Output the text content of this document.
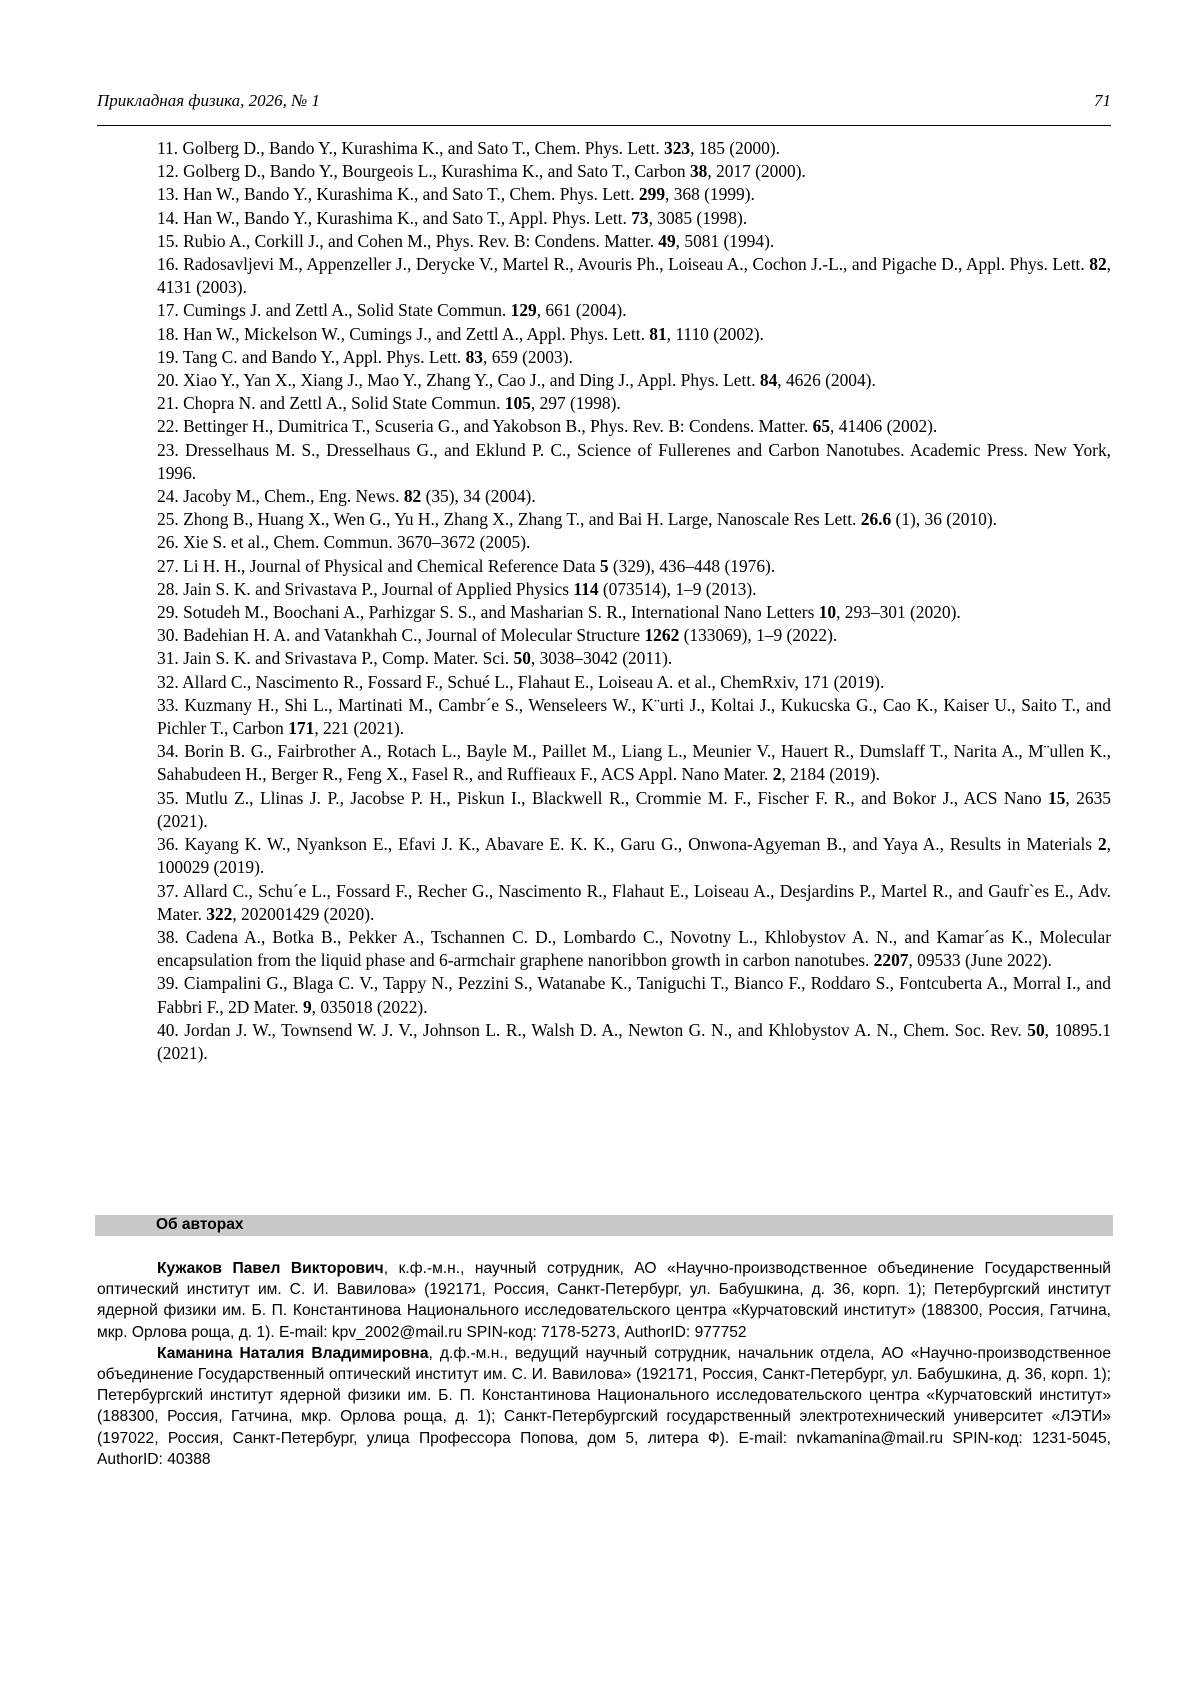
Прикладная физика, 2026, № 1	71

11. Golberg D., Bando Y., Kurashima K., and Sato T., Chem. Phys. Lett. 323, 185 (2000).

12. Golberg D., Bando Y., Bourgeois L., Kurashima K., and Sato T., Carbon 38, 2017 (2000).

13. Han W., Bando Y., Kurashima K., and Sato T., Chem. Phys. Lett. 299, 368 (1999).

14. Han W., Bando Y., Kurashima K., and Sato T., Appl. Phys. Lett. 73, 3085 (1998).

15. Rubio A., Corkill J., and Cohen M., Phys. Rev. B: Condens. Matter. 49, 5081 (1994).

16. Radosavljevi M., Appenzeller J., Derycke V., Martel R., Avouris Ph., Loiseau A., Cochon J.-L., and Pigache D., Appl. Phys. Lett. 82, 4131 (2003).

17. Cumings J. and Zettl A., Solid State Commun. 129, 661 (2004).

18. Han W., Mickelson W., Cumings J., and Zettl A., Appl. Phys. Lett. 81, 1110 (2002).

19. Tang C. and Bando Y., Appl. Phys. Lett. 83, 659 (2003).

20. Xiao Y., Yan X., Xiang J., Mao Y., Zhang Y., Cao J., and Ding J., Appl. Phys. Lett. 84, 4626 (2004).

21. Chopra N. and Zettl A., Solid State Commun. 105, 297 (1998).

22. Bettinger H., Dumitrica T., Scuseria G., and Yakobson B., Phys. Rev. B: Condens. Matter. 65, 41406 (2002).

23. Dresselhaus M. S., Dresselhaus G., and Eklund P. C., Science of Fullerenes and Carbon Nanotubes. Academic Press. New York, 1996.

24. Jacoby M., Chem., Eng. News. 82 (35), 34 (2004).

25. Zhong B., Huang X., Wen G., Yu H., Zhang X., Zhang T., and Bai H. Large, Nanoscale Res Lett. 26.6 (1), 36 (2010).

26. Xie S. et al., Chem. Commun. 3670–3672 (2005).

27. Li H. H., Journal of Physical and Chemical Reference Data 5 (329), 436–448 (1976).

28. Jain S. K. and Srivastava P., Journal of Applied Physics 114 (073514), 1–9 (2013).

29. Sotudeh M., Boochani A., Parhizgar S. S., and Masharian S. R., International Nano Letters 10, 293–301 (2020).

30. Badehian H. A. and Vatankhah C., Journal of Molecular Structure 1262 (133069), 1–9 (2022).

31. Jain S. K. and Srivastava P., Comp. Mater. Sci. 50, 3038–3042 (2011).

32. Allard C., Nascimento R., Fossard F., Schué L., Flahaut E., Loiseau A. et al., ChemRxiv, 171 (2019).

33. Kuzmany H., Shi L., Martinati M., Cambr´e S., Wenseleers W., K¨urti J., Koltai J., Kukucska G., Cao K., Kaiser U., Saito T., and Pichler T., Carbon 171, 221 (2021).

34. Borin B. G., Fairbrother A., Rotach L., Bayle M., Paillet M., Liang L., Meunier V., Hauert R., Dumslaff T., Narita A., M¨ullen K., Sahabudeen H., Berger R., Feng X., Fasel R., and Ruffieaux F., ACS Appl. Nano Mater. 2, 2184 (2019).

35. Mutlu Z., Llinas J. P., Jacobse P. H., Piskun I., Blackwell R., Crommie M. F., Fischer F. R., and Bokor J., ACS Nano 15, 2635 (2021).

36. Kayang K. W., Nyankson E., Efavi J. K., Abavare E. K. K., Garu G., Onwona-Agyeman B., and Yaya A., Results in Materials 2, 100029 (2019).

37. Allard C., Schu´e L., Fossard F., Recher G., Nascimento R., Flahaut E., Loiseau A., Desjardins P., Martel R., and Gaufr`es E., Adv. Mater. 322, 202001429 (2020).

38. Cadena A., Botka B., Pekker A., Tschannen C. D., Lombardo C., Novotny L., Khlobystov A. N., and Kamar´as K., Molecular encapsulation from the liquid phase and 6-armchair graphene nanoribbon growth in carbon nanotubes. 2207, 09533 (June 2022).

39. Ciampalini G., Blaga C. V., Tappy N., Pezzini S., Watanabe K., Taniguchi T., Bianco F., Roddaro S., Fontcuberta A., Morral I., and Fabbri F., 2D Mater. 9, 035018 (2022).

40. Jordan J. W., Townsend W. J. V., Johnson L. R., Walsh D. A., Newton G. N., and Khlobystov A. N., Chem. Soc. Rev. 50, 10895.1 (2021).

Об авторах

Кужаков Павел Викторович, к.ф.-м.н., научный сотрудник, АО «Научно-производственное объединение Государственный оптический институт им. С. И. Вавилова» (192171, Россия, Санкт-Петербург, ул. Бабушкина, д. 36, корп. 1); Петербургский институт ядерной физики им. Б. П. Константинова Национального исследовательского центра «Курчатовский институт» (188300, Россия, Гатчина, мкр. Орлова роща, д. 1). E-mail: kpv_2002@mail.ru SPIN-код: 7178-5273, AuthorID: 977752

Каманина Наталия Владимировна, д.ф.-м.н., ведущий научный сотрудник, начальник отдела, АО «Научно-производственное объединение Государственный оптический институт им. С. И. Вавилова» (192171, Россия, Санкт-Петербург, ул. Бабушкина, д. 36, корп. 1); Петербургский институт ядерной физики им. Б. П. Константинова Национального исследовательского центра «Курчатовский институт» (188300, Россия, Гатчина, мкр. Орлова роща, д. 1); Санкт-Петербургский государственный электротехнический университет «ЛЭТИ» (197022, Россия, Санкт-Петербург, улица Профессора Попова, дом 5, литера Ф). E-mail: nvkamanina@mail.ru SPIN-код: 1231-5045, AuthorID: 40388
